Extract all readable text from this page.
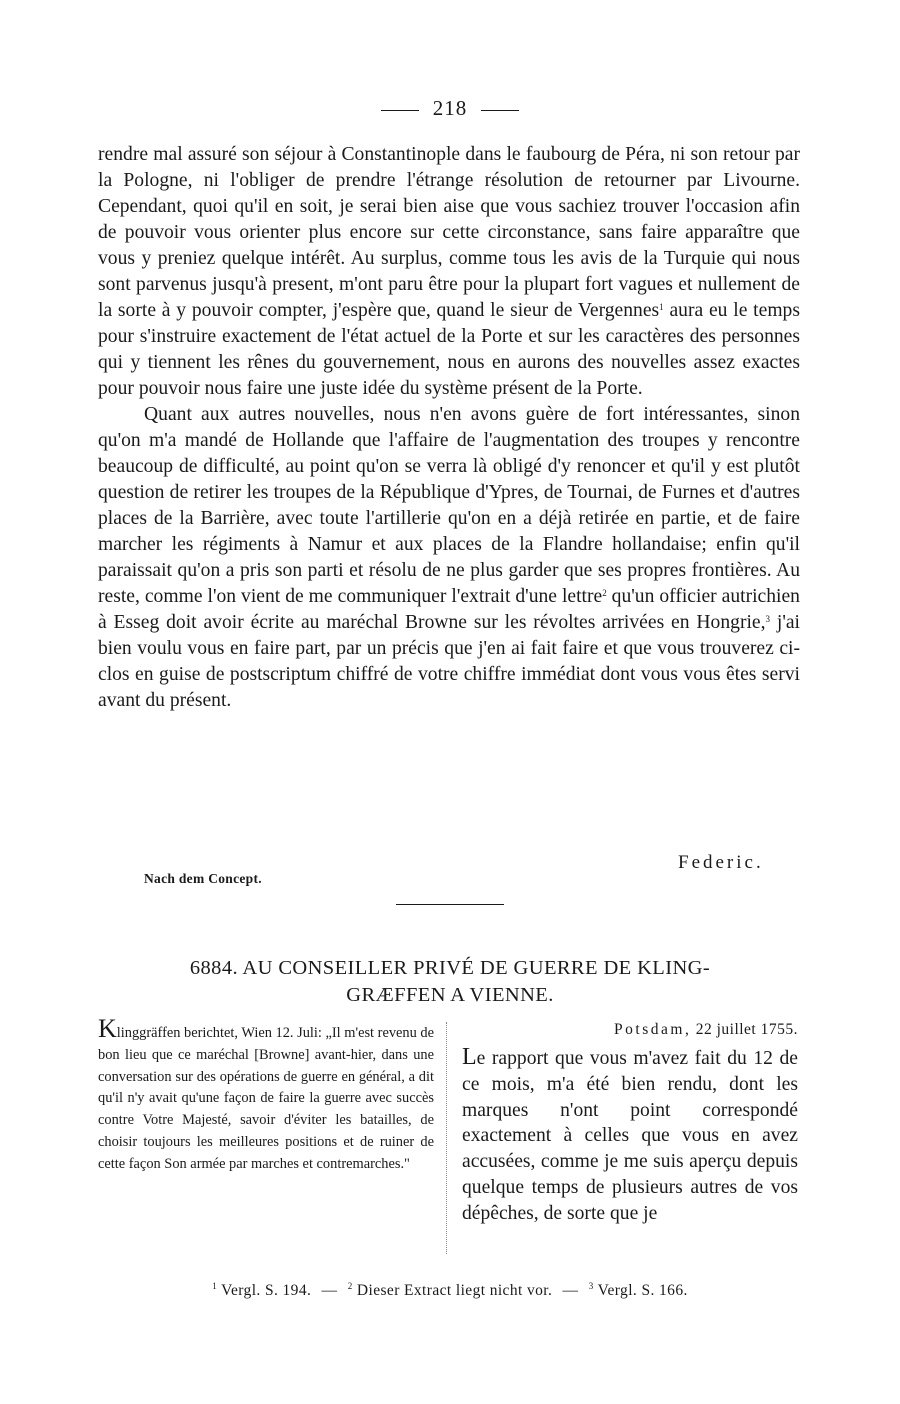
218

rendre mal assuré son séjour à Constantinople dans le faubourg de Péra, ni son retour par la Pologne, ni l'obliger de prendre l'étrange résolution de retourner par Livourne. Cependant, quoi qu'il en soit, je serai bien aise que vous sachiez trouver l'occasion afin de pouvoir vous orienter plus encore sur cette circonstance, sans faire apparaître que vous y preniez quelque intérêt. Au surplus, comme tous les avis de la Turquie qui nous sont parvenus jusqu'à present, m'ont paru être pour la plupart fort vagues et nullement de la sorte à y pouvoir compter, j'espère que, quand le sieur de Vergennes$^1$ aura eu le temps pour s'instruire exactement de l'état actuel de la Porte et sur les caractères des personnes qui y tiennent les rênes du gouvernement, nous en aurons des nouvelles assez exactes pour pouvoir nous faire une juste idée du système présent de la Porte.

Quant aux autres nouvelles, nous n'en avons guère de fort intéressantes, sinon qu'on m'a mandé de Hollande que l'affaire de l'augmentation des troupes y rencontre beaucoup de difficulté, au point qu'on se verra là obligé d'y renoncer et qu'il y est plutôt question de retirer les troupes de la République d'Ypres, de Tournai, de Furnes et d'autres places de la Barrière, avec toute l'artillerie qu'on en a déjà retirée en partie, et de faire marcher les régiments à Namur et aux places de la Flandre hollandaise; enfin qu'il paraissait qu'on a pris son parti et résolu de ne plus garder que ses propres frontières. Au reste, comme l'on vient de me communiquer l'extrait d'une lettre$^2$ qu'un officier autrichien à Esseg doit avoir écrite au maréchal Browne sur les révoltes arrivées en Hongrie,$^3$ j'ai bien voulu vous en faire part, par un précis que j'en ai fait faire et que vous trouverez ci-clos en guise de postscriptum chiffré de votre chiffre immédiat dont vous vous êtes servi avant du présent.

Federic.
Nach dem Concept.
6884. AU CONSEILLER PRIVÉ DE GUERRE DE KLING-
GRÆFFEN A VIENNE.
Klinggräffen berichtet, Wien 12. Juli: „Il m'est revenu de bon lieu que ce maréchal [Browne] avant-hier, dans une conversation sur des opérations de guerre en général, a dit qu'il n'y avait qu'une façon de faire la guerre avec succès contre Votre Majesté, savoir d'éviter les batailles, de choisir toujours les meilleures positions et de ruiner de cette façon Son armée par marches et contremarches."
Potsdam, 22 juillet 1755.
Le rapport que vous m'avez fait du 12 de ce mois, m'a été bien rendu, dont les marques n'ont point correspondé exactement à celles que vous en avez accusées, comme je me suis aperçu depuis quelque temps de plusieurs autres de vos dépêches, de sorte que je
$^1$ Vergl. S. 194. — $^2$ Dieser Extract liegt nicht vor. — $^3$ Vergl. S. 166.
